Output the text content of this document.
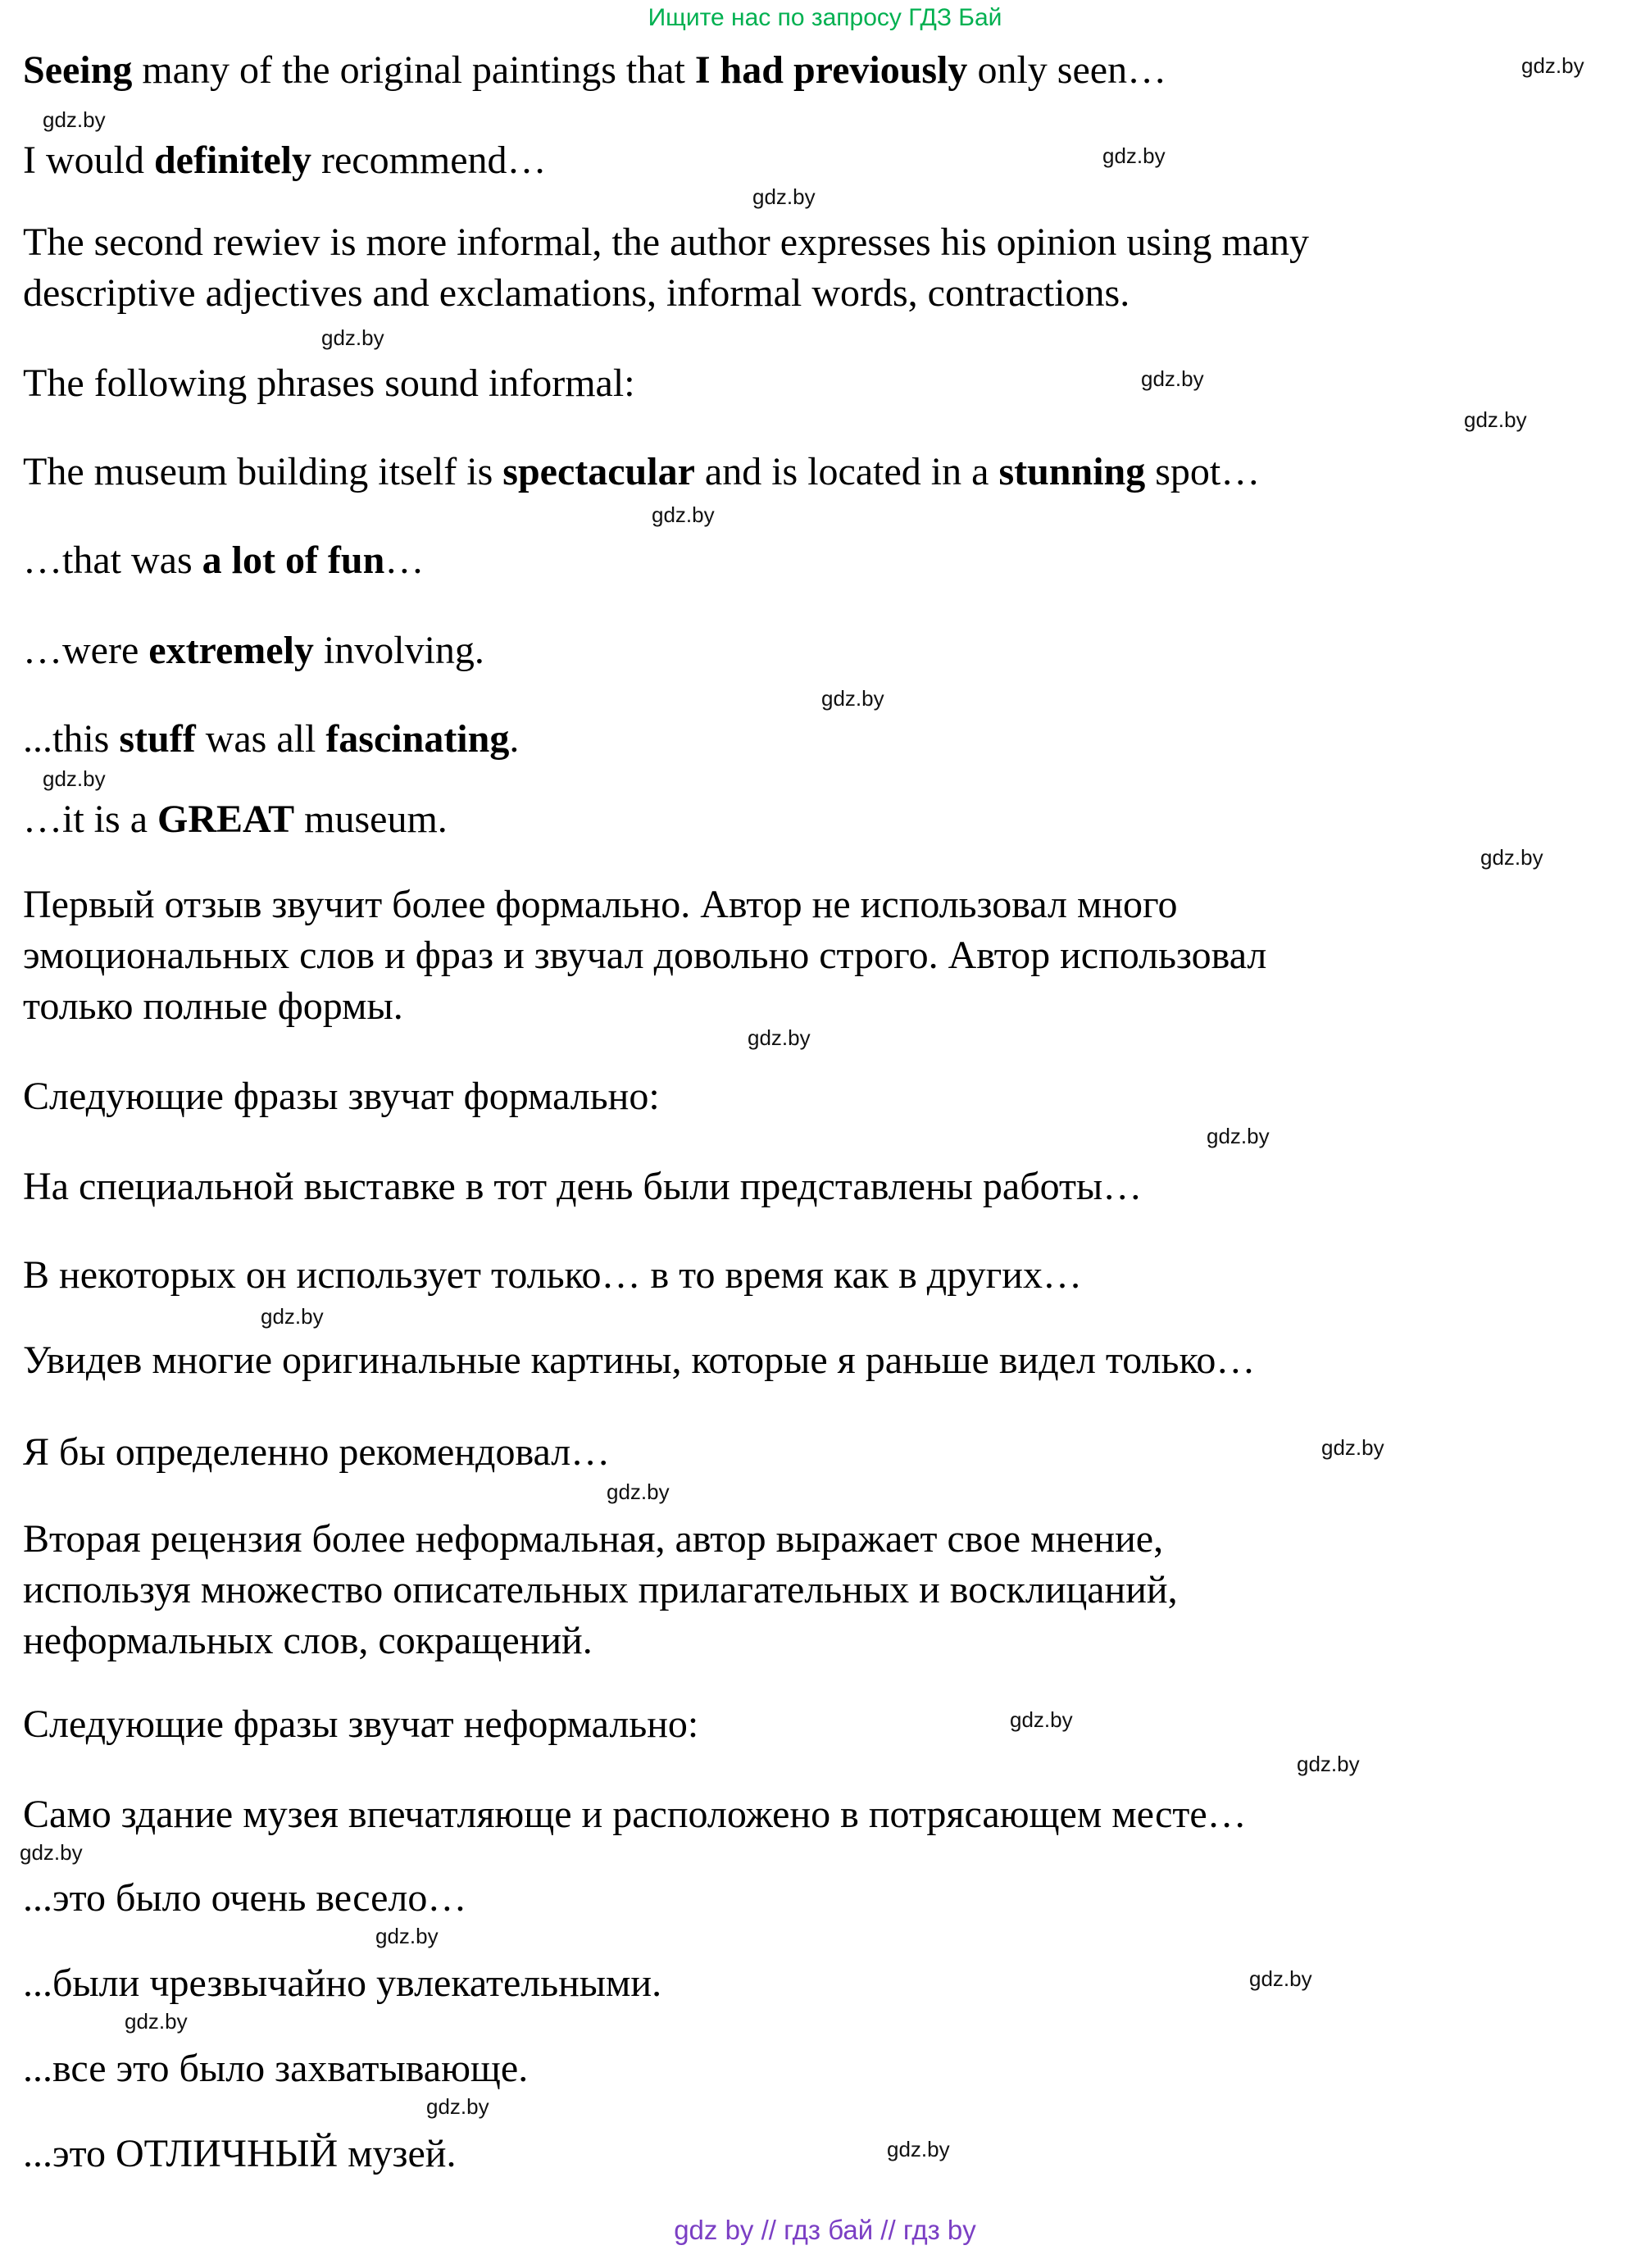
Ищите нас по запросу ГДЗ Бай
Seeing many of the original paintings that I had previously only seen…
I would definitely recommend…
The second rewiev is more informal, the author expresses his opinion using many
descriptive adjectives and exclamations, informal words, contractions.
The following phrases sound informal:
The museum building itself is spectacular and is located in a stunning spot…
…that was a lot of fun…
…were extremely involving.
...this stuff was all fascinating.
…it is a GREAT museum.
Первый отзыв звучит более формально. Автор не использовал много
эмоциональных слов и фраз и звучал довольно строго. Автор использовал
только полные формы.
Следующие фразы звучат формально:
На специальной выставке в тот день были представлены работы…
В некоторых он использует только… в то время как в других…
Увидев многие оригинальные картины, которые я раньше видел только…
Я бы определенно рекомендовал…
Вторая рецензия более неформальная, автор выражает свое мнение,
используя множество описательных прилагательных и восклицаний,
неформальных слов, сокращений.
Следующие фразы звучат неформально:
Само здание музея впечатляюще и расположено в потрясающем месте…
...это было очень весело…
...были чрезвычайно увлекательными.
...все это было захватывающе.
...это ОТЛИЧНЫЙ музей.
gdz.by
gdz.by
gdz.by
gdz.by
gdz.by
gdz.by
gdz.by
gdz.by
gdz.by
gdz.by
gdz.by
gdz.by
gdz.by
gdz.by
gdz.by
gdz.by
gdz.by
gdz.by
gdz.by
gdz.by
gdz.by
gdz.by
gdz.by
gdz.by
gdz by // гдз бай // гдз by
